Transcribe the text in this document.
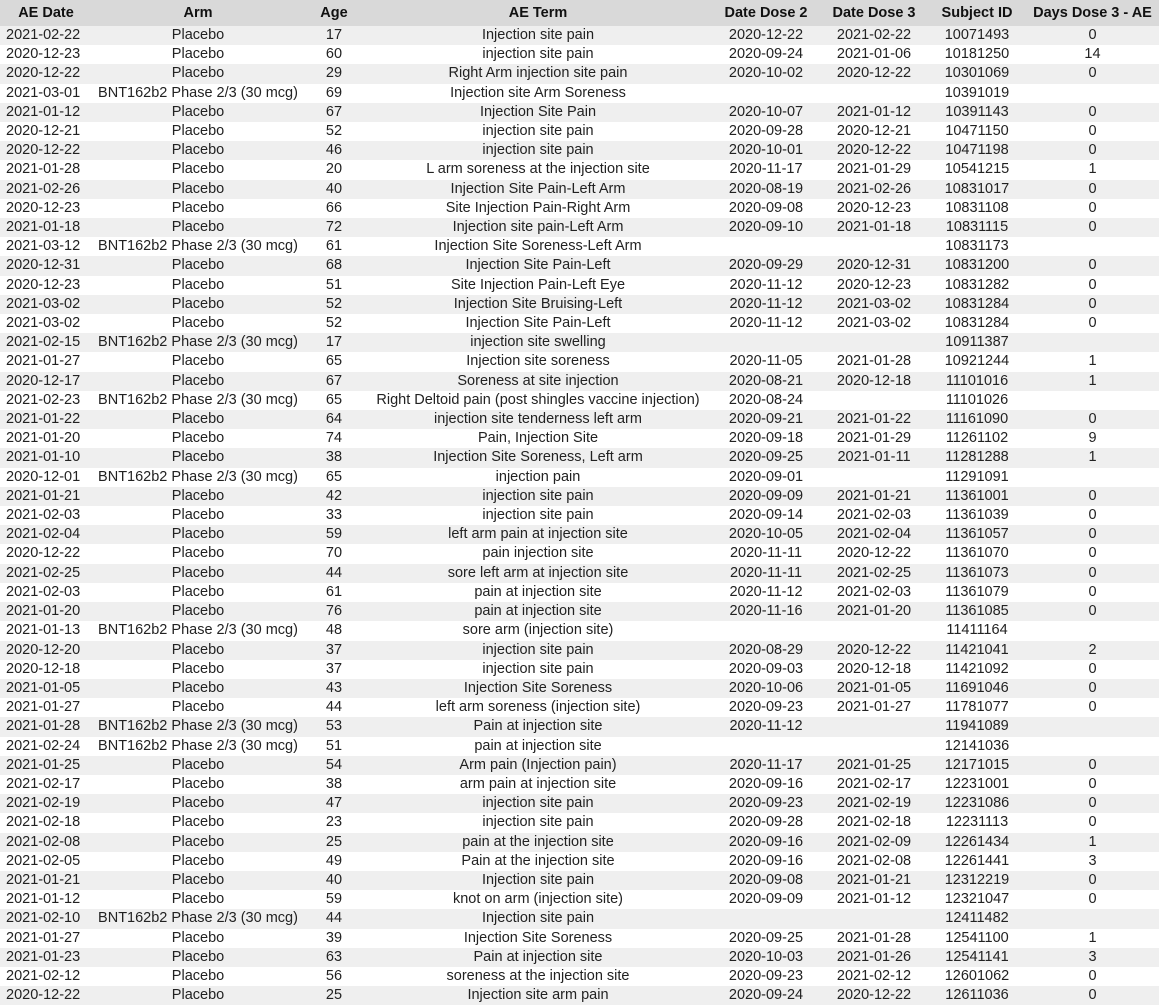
AE Date	Arm	Age	AE Term	Date Dose 2	Date Dose 3	Subject ID	Days Dose 3 - AE
2021-02-22	Placebo	17	Injection site pain	2020-12-22	2021-02-22	10071493	0
2020-12-23	Placebo	60	injection site pain	2020-09-24	2021-01-06	10181250	14
2020-12-22	Placebo	29	Right Arm injection site pain	2020-10-02	2020-12-22	10301069	0
2021-03-01	BNT162b2 Phase 2/3 (30 mcg)	69	Injection site Arm Soreness			10391019	
2021-01-12	Placebo	67	Injection Site Pain	2020-10-07	2021-01-12	10391143	0
2020-12-21	Placebo	52	injection site pain	2020-09-28	2020-12-21	10471150	0
2020-12-22	Placebo	46	injection site pain	2020-10-01	2020-12-22	10471198	0
2021-01-28	Placebo	20	L arm soreness at the injection site	2020-11-17	2021-01-29	10541215	1
2021-02-26	Placebo	40	Injection Site Pain-Left Arm	2020-08-19	2021-02-26	10831017	0
2020-12-23	Placebo	66	Site Injection Pain-Right Arm	2020-09-08	2020-12-23	10831108	0
2021-01-18	Placebo	72	Injection site pain-Left Arm	2020-09-10	2021-01-18	10831115	0
2021-03-12	BNT162b2 Phase 2/3 (30 mcg)	61	Injection Site Soreness-Left Arm			10831173	
2020-12-31	Placebo	68	Injection Site Pain-Left	2020-09-29	2020-12-31	10831200	0
2020-12-23	Placebo	51	Site Injection Pain-Left Eye	2020-11-12	2020-12-23	10831282	0
2021-03-02	Placebo	52	Injection Site Bruising-Left	2020-11-12	2021-03-02	10831284	0
2021-03-02	Placebo	52	Injection Site Pain-Left	2020-11-12	2021-03-02	10831284	0
2021-02-15	BNT162b2 Phase 2/3 (30 mcg)	17	injection site swelling			10911387	
2021-01-27	Placebo	65	Injection site soreness	2020-11-05	2021-01-28	10921244	1
2020-12-17	Placebo	67	Soreness at site injection	2020-08-21	2020-12-18	11101016	1
2021-02-23	BNT162b2 Phase 2/3 (30 mcg)	65	Right Deltoid pain (post shingles vaccine injection)	2020-08-24		11101026	
2021-01-22	Placebo	64	injection site tenderness left arm	2020-09-21	2021-01-22	11161090	0
2021-01-20	Placebo	74	Pain, Injection Site	2020-09-18	2021-01-29	11261102	9
2021-01-10	Placebo	38	Injection Site Soreness, Left arm	2020-09-25	2021-01-11	11281288	1
2020-12-01	BNT162b2 Phase 2/3 (30 mcg)	65	injection pain	2020-09-01		11291091	
2021-01-21	Placebo	42	injection site pain	2020-09-09	2021-01-21	11361001	0
2021-02-03	Placebo	33	injection site pain	2020-09-14	2021-02-03	11361039	0
2021-02-04	Placebo	59	left arm pain at injection site	2020-10-05	2021-02-04	11361057	0
2020-12-22	Placebo	70	pain injection site	2020-11-11	2020-12-22	11361070	0
2021-02-25	Placebo	44	sore left arm at injection site	2020-11-11	2021-02-25	11361073	0
2021-02-03	Placebo	61	pain at injection site	2020-11-12	2021-02-03	11361079	0
2021-01-20	Placebo	76	pain at injection site	2020-11-16	2021-01-20	11361085	0
2021-01-13	BNT162b2 Phase 2/3 (30 mcg)	48	sore arm (injection site)			11411164	
2020-12-20	Placebo	37	injection site pain	2020-08-29	2020-12-22	11421041	2
2020-12-18	Placebo	37	injection site pain	2020-09-03	2020-12-18	11421092	0
2021-01-05	Placebo	43	Injection Site Soreness	2020-10-06	2021-01-05	11691046	0
2021-01-27	Placebo	44	left arm soreness (injection site)	2020-09-23	2021-01-27	11781077	0
2021-01-28	BNT162b2 Phase 2/3 (30 mcg)	53	Pain at injection site	2020-11-12		11941089	
2021-02-24	BNT162b2 Phase 2/3 (30 mcg)	51	pain at injection site			12141036	
2021-01-25	Placebo	54	Arm pain (Injection pain)	2020-11-17	2021-01-25	12171015	0
2021-02-17	Placebo	38	arm pain at injection site	2020-09-16	2021-02-17	12231001	0
2021-02-19	Placebo	47	injection site pain	2020-09-23	2021-02-19	12231086	0
2021-02-18	Placebo	23	injection site pain	2020-09-28	2021-02-18	12231113	0
2021-02-08	Placebo	25	pain at the injection site	2020-09-16	2021-02-09	12261434	1
2021-02-05	Placebo	49	Pain at the injection site	2020-09-16	2021-02-08	12261441	3
2021-01-21	Placebo	40	Injection site pain	2020-09-08	2021-01-21	12312219	0
2021-01-12	Placebo	59	knot on arm (injection site)	2020-09-09	2021-01-12	12321047	0
2021-02-10	BNT162b2 Phase 2/3 (30 mcg)	44	Injection site pain			12411482	
2021-01-27	Placebo	39	Injection Site Soreness	2020-09-25	2021-01-28	12541100	1
2021-01-23	Placebo	63	Pain at injection site	2020-10-03	2021-01-26	12541141	3
2021-02-12	Placebo	56	soreness at the injection site	2020-09-23	2021-02-12	12601062	0
2020-12-22	Placebo	25	Injection site arm pain	2020-09-24	2020-12-22	12611036	0
